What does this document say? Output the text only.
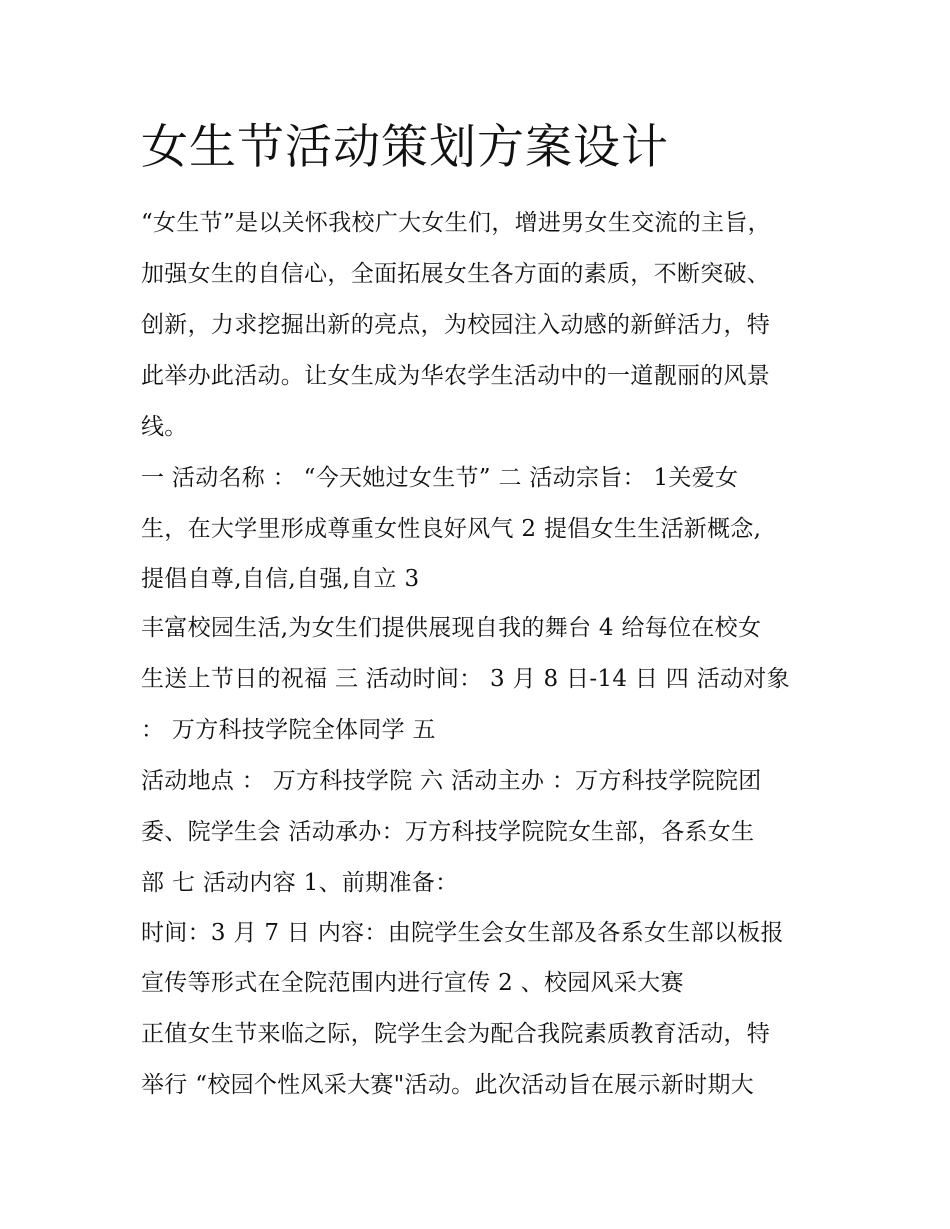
女生节活动策划方案设计

“女生节”是以关怀我校广大女生们，增进男女生交流的主旨，

加强女生的自信心，全面拓展女生各方面的素质，不断突破、

创新，力求挖掘出新的亮点，为校园注入动感的新鲜活力，特

此举办此活动。让女生成为华农学生活动中的一道靓丽的风景

线。

一 活动名称 ： “今天她过女生节” 二 活动宗旨： 1关爱女

生，在大学里形成尊重女性良好风气 2 提倡女生生活新概念,

提倡自尊,自信,自强,自立 3

丰富校园生活,为女生们提供展现自我的舞台 4 给每位在校女

生送上节日的祝福 三 活动时间： 3 月 8 日-14 日 四 活动对象

： 万方科技学院全体同学 五

活动地点 ： 万方科技学院 六 活动主办 ：万方科技学院院团

委、院学生会 活动承办：万方科技学院院女生部，各系女生

部 七 活动内容 1、前期准备：

时间：3 月 7 日 内容：由院学生会女生部及各系女生部以板报

宣传等形式在全院范围内进行宣传 2 、校园风采大赛

正值女生节来临之际，院学生会为配合我院素质教育活动，特

举行 “校园个性风采大赛"活动。此次活动旨在展示新时期大
